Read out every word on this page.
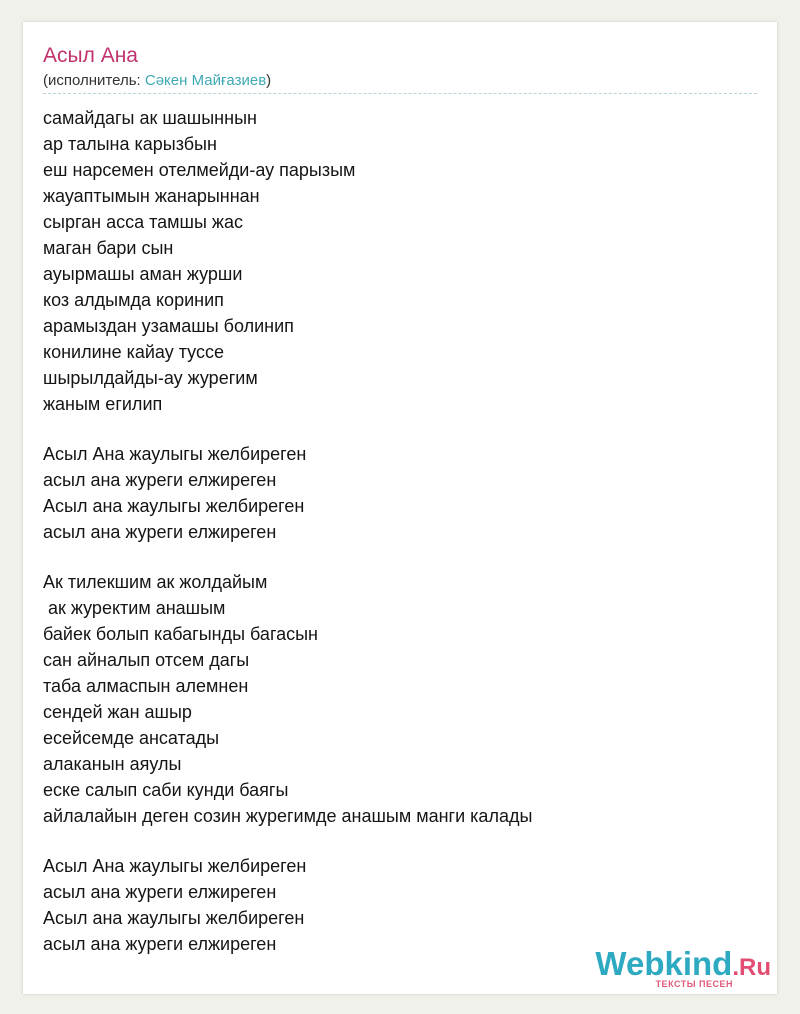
Асыл Ана
(исполнитель: Сәкен Майғазиев)
самайдагы ак шашыннын
ар талына карызбын
еш нарсемен отелмейди-ау парызым
жауаптымын жанарыннан
сырган асса тамшы жас
маган бари сын
ауырмашы аман журши
коз алдымда коринип
арамыздан узамашы болинип
конилине кайау туссе
шырылдайды-ау журегим
жаным егилип
Асыл Ана жаулыгы желбиреген
асыл ана журеги елжиреген
Асыл ана жаулыгы желбиреген
асыл ана журеги елжиреген
Ак тилекшим ак жолдайым
ак журектим анашым
байек болып кабагынды багасын
сан айналып отсем дагы
таба алмаспын алемнен
сендей жан ашыр
есейсемде ансатады
алаканын аяулы
еске салып саби кунди баягы
айлалайын деген созин журегимде анашым манги калады
Асыл Ана жаулыгы желбиреген
асыл ана журеги елжиреген
Асыл ана жаулыгы желбиреген
асыл ана журеги елжиреген
Webkind.Ru
ТЕКСТЫ ПЕСЕН
